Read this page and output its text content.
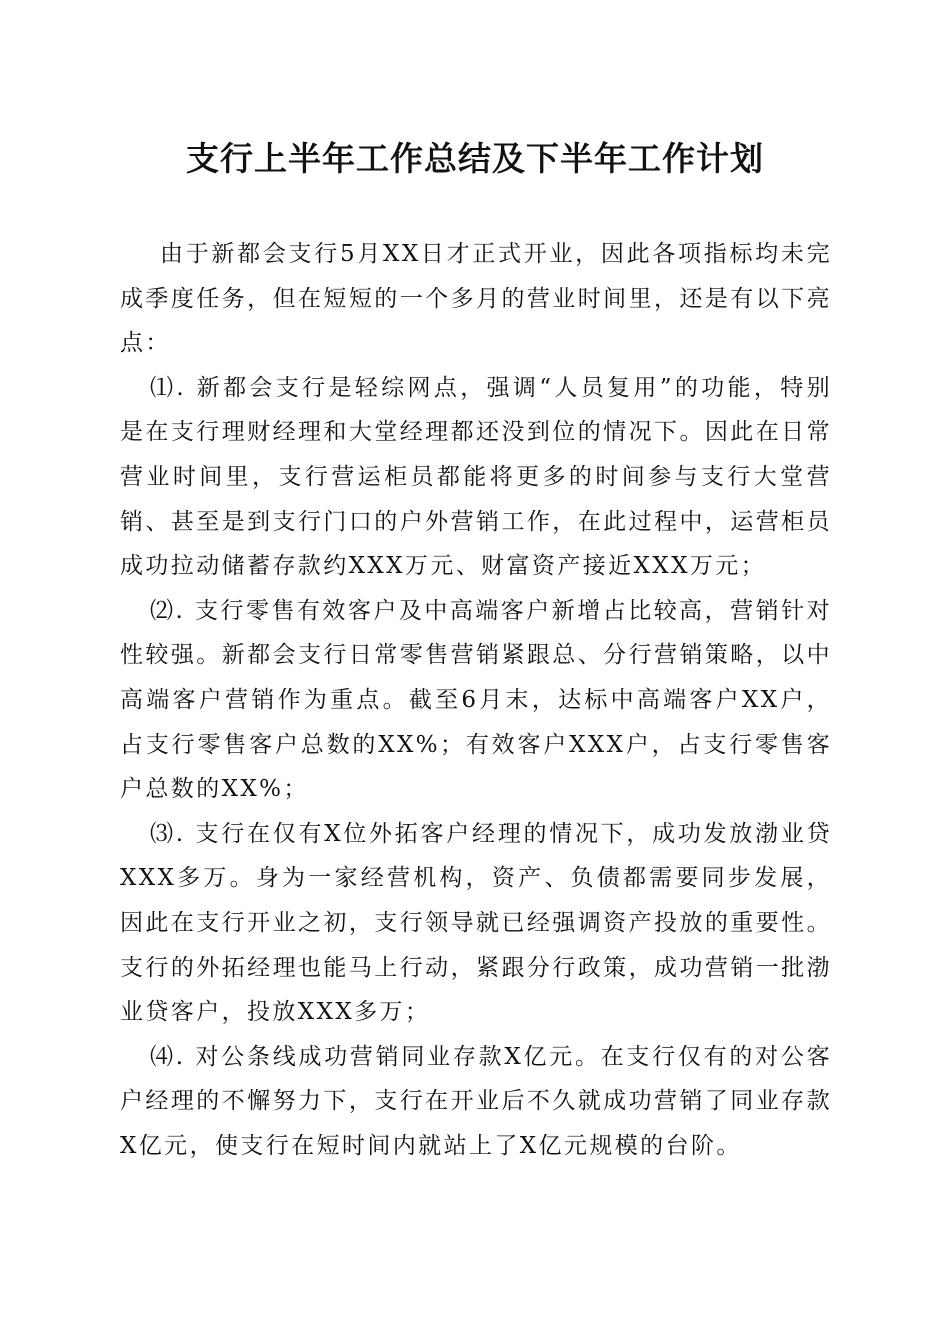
支行上半年工作总结及下半年工作计划

由于新都会支行5月XX日才正式开业，因此各项指标均未完成季度任务，但在短短的一个多月的营业时间里，还是有以下亮点：

⑴. 新都会支行是轻综网点，强调“人员复用”的功能，特别是在支行理财经理和大堂经理都还没到位的情况下。因此在日常营业时间里，支行营运柜员都能将更多的时间参与支行大堂营销、甚至是到支行门口的户外营销工作，在此过程中，运营柜员成功拉动储蓄存款约XXX万元、财富资产接近XXX万元；

⑵. 支行零售有效客户及中高端客户新增占比较高，营销针对性较强。新都会支行日常零售营销紧跟总、分行营销策略，以中高端客户营销作为重点。截至6月末，达标中高端客户XX户，占支行零售客户总数的XX%；有效客户XXX户，占支行零售客户总数的XX%；

⑶. 支行在仅有X位外拓客户经理的情况下，成功发放渤业贷XXX多万。身为一家经营机构，资产、负债都需要同步发展，因此在支行开业之初，支行领导就已经强调资产投放的重要性。支行的外拓经理也能马上行动，紧跟分行政策，成功营销一批渤业贷客户，投放XXX多万；

⑷. 对公条线成功营销同业存款X亿元。在支行仅有的对公客户经理的不懈努力下，支行在开业后不久就成功营销了同业存款X亿元，使支行在短时间内就站上了X亿元规模的台阶。
